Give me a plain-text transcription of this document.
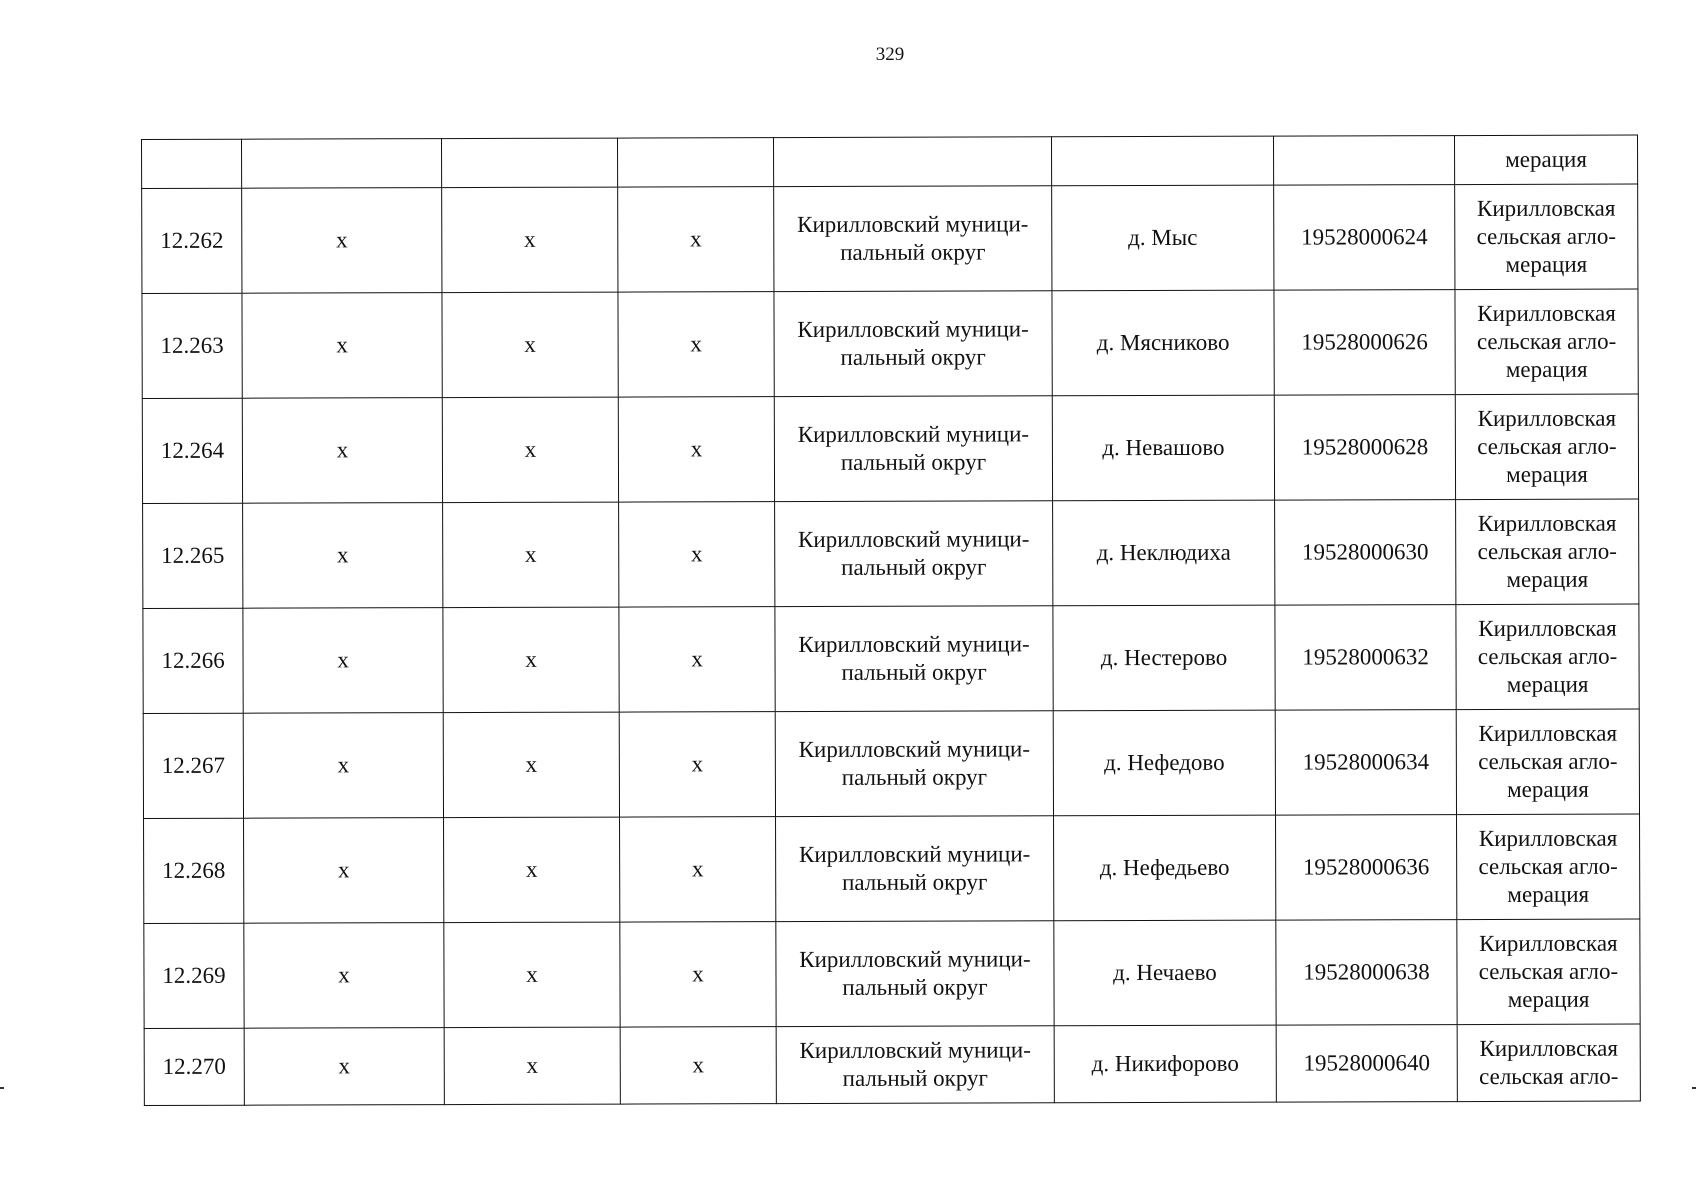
329
							мерация
12.262	x	x	x	Кирилловский муници-
пальный округ	д. Мыс	19528000624	Кирилловская
сельская агло-
мерация

12.263	x	x	x	Кирилловский муници-
пальный округ	д. Мясниково	19528000626	Кирилловская
сельская агло-
мерация

12.264	x	x	x	Кирилловский муници-
пальный округ	д. Невашово	19528000628	Кирилловская
сельская агло-
мерация

12.265	x	x	x	Кирилловский муници-
пальный округ	д. Неклюдиха	19528000630	Кирилловская
сельская агло-
мерация

12.266	x	x	x	Кирилловский муници-
пальный округ	д. Нестерово	19528000632	Кирилловская
сельская агло-
мерация

12.267	x	x	x	Кирилловский муници-
пальный округ	д. Нефедово	19528000634	Кирилловская
сельская агло-
мерация

12.268	x	x	x	Кирилловский муници-
пальный округ	д. Нефедьево	19528000636	Кирилловская
сельская агло-
мерация

12.269	x	x	x	Кирилловский муници-
пальный округ	д. Нечаево	19528000638	Кирилловская
сельская агло-
мерация

12.270	x	x	x	Кирилловский муници-
пальный округ	д. Никифорово	19528000640	Кирилловская
сельская агло-
